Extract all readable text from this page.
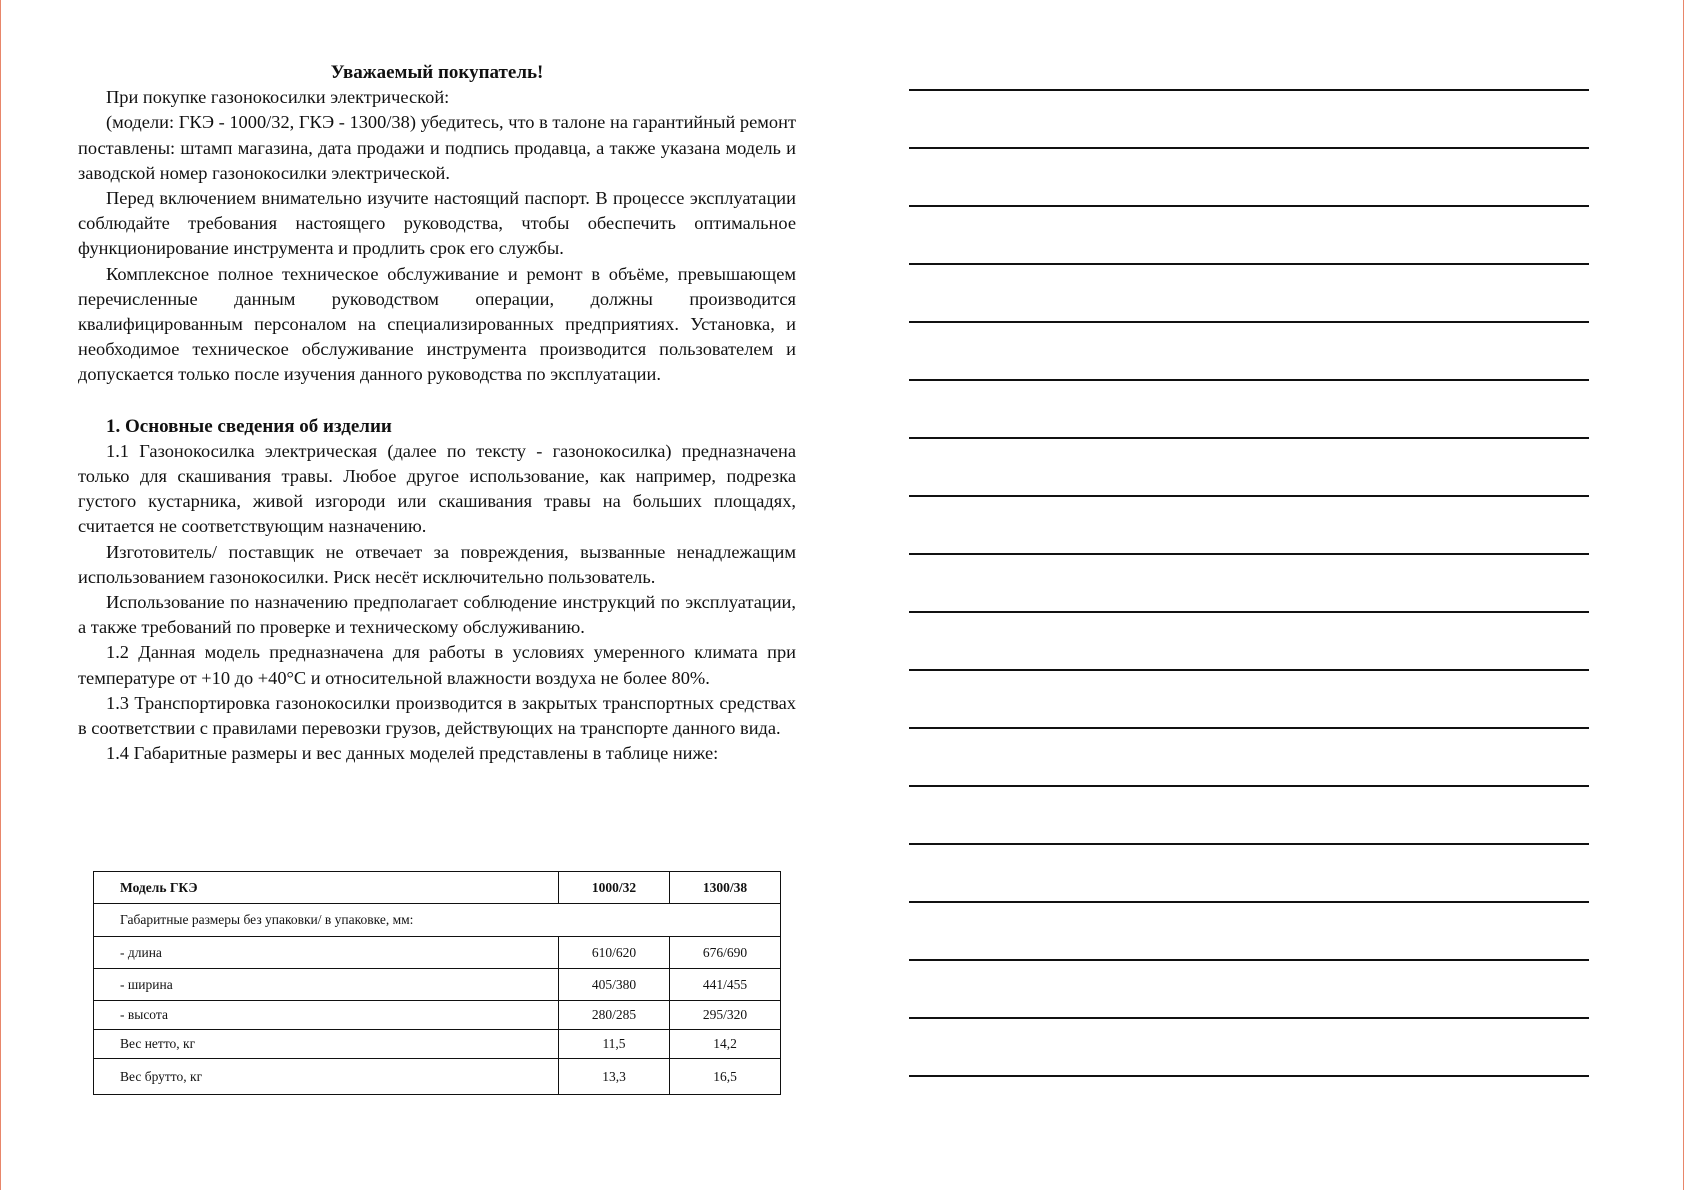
Уважаемый покупатель!

При покупке газонокосилки электрической:

(модели: ГКЭ - 1000/32, ГКЭ - 1300/38) убедитесь, что в талоне на гарантийный ремонт поставлены: штамп магазина, дата продажи и подпись продавца, а также указана модель и заводской номер газонокосилки электрической.

Перед включением внимательно изучите настоящий паспорт. В процессе эксплуатации соблюдайте требования настоящего руководства, чтобы обеспечить оптимальное функционирование инструмента и продлить срок его службы.

Комплексное полное техническое обслуживание и ремонт в объёме, превышающем перечисленные данным руководством операции, должны производится квалифицированным персоналом на специализированных предприятиях. Установка, и необходимое техническое обслуживание инструмента производится пользователем и допускается только после изучения данного руководства по эксплуатации.

1. Основные сведения об изделии

1.1 Газонокосилка электрическая (далее по тексту - газонокосилка) предназначена только для скашивания травы. Любое другое использование, как например, подрезка густого кустарника, живой изгороди или скашивания травы на больших площадях, считается не соответствующим назначению.

Изготовитель/ поставщик не отвечает за повреждения, вызванные ненадлежащим использованием газонокосилки. Риск несёт исключительно пользователь.

Использование по назначению предполагает соблюдение инструкций по эксплуатации, а также требований по проверке и техническому обслуживанию.

1.2 Данная модель предназначена для работы в условиях умеренного климата при температуре от +10 до +40°С и относительной влажности воздуха не более 80%.

1.3 Транспортировка газонокосилки производится в закрытых транспортных средствах в соответствии с правилами перевозки грузов, действующих на транспорте данного вида.

1.4 Габаритные размеры и вес данных моделей представлены в таблице ниже:

Модель ГКЭ	1000/32	1300/38
Габаритные размеры без упаковки/ в упаковке, мм:		
- длина	610/620	676/690
- ширина	405/380	441/455
- высота	280/285	295/320
Вес нетто, кг	11,5	14,2
Вес брутто, кг	13,3	16,5
